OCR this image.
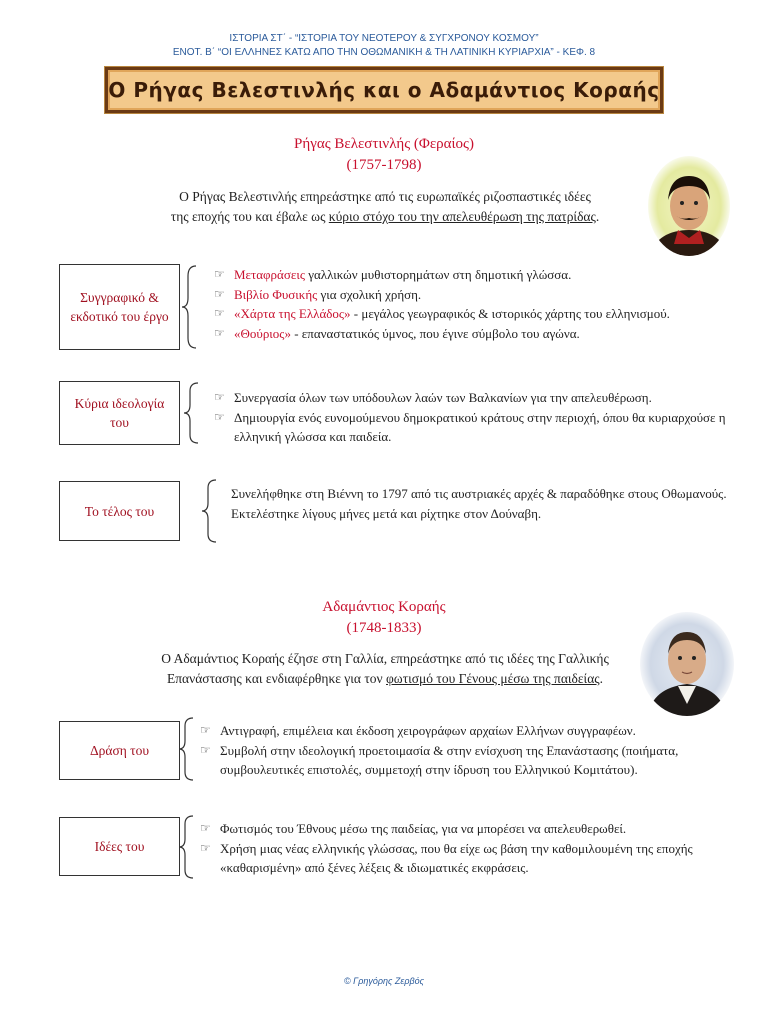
ΙΣΤΟΡΙΑ ΣΤ΄ - “ΙΣΤΟΡΙΑ ΤΟΥ ΝΕΟΤΕΡΟΥ & ΣΥΓΧΡΟΝΟΥ ΚΟΣΜΟΥ”
ΕΝΟΤ. Β΄ “ΟΙ ΕΛΛΗΝΕΣ ΚΑΤΩ ΑΠΟ ΤΗΝ ΟΘΩΜΑΝΙΚΗ & ΤΗ ΛΑΤΙΝΙΚΗ ΚΥΡΙΑΡΧΙΑ” - ΚΕΦ. 8
Ο Ρήγας Βελεστινλής και ο Αδαμάντιος Κοραής
Ρήγας Βελεστινλής (Φεραίος)
(1757-1798)
Ο Ρήγας Βελεστινλής επηρεάστηκε από τις ευρωπαϊκές ριζοσπαστικές ιδέες
της εποχής του και έβαλε ως κύριο στόχο του την απελευθέρωση της πατρίδας.
Συγγραφικό & εκδοτικό του έργο
☞ Μεταφράσεις γαλλικών μυθιστορημάτων στη δημοτική γλώσσα.
☞ Βιβλίο Φυσικής για σχολική χρήση.
☞ «Χάρτα της Ελλάδος» - μεγάλος γεωγραφικός & ιστορικός χάρτης του ελληνισμού.
☞ «Θούριος» - επαναστατικός ύμνος, που έγινε σύμβολο του αγώνα.
Κύρια ιδεολογία του
☞ Συνεργασία όλων των υπόδουλων λαών των Βαλκανίων για την απελευθέρωση.
☞ Δημιουργία ενός ευνομούμενου δημοκρατικού κράτους στην περιοχή, όπου θα κυριαρχούσε η ελληνική γλώσσα και παιδεία.
Το τέλος του
Συνελήφθηκε στη Βιέννη το 1797 από τις αυστριακές αρχές & παραδόθηκε στους Οθωμανούς.
Εκτελέστηκε λίγους μήνες μετά και ρίχτηκε στον Δούναβη.
Αδαμάντιος Κοραής
(1748-1833)
Ο Αδαμάντιος Κοραής έζησε στη Γαλλία, επηρεάστηκε από τις ιδέες της Γαλλικής
Επανάστασης και ενδιαφέρθηκε για τον φωτισμό του Γένους μέσω της παιδείας.
Δράση του
☞ Αντιγραφή, επιμέλεια και έκδοση χειρογράφων αρχαίων Ελλήνων συγγραφέων.
☞ Συμβολή στην ιδεολογική προετοιμασία & στην ενίσχυση της Επανάστασης (ποιήματα, συμβουλευτικές επιστολές, συμμετοχή στην ίδρυση του Ελληνικού Κομιτάτου).
Ιδέες του
☞ Φωτισμός του Έθνους μέσω της παιδείας, για να μπορέσει να απελευθερωθεί.
☞ Χρήση μιας νέας ελληνικής γλώσσας, που θα είχε ως βάση την καθομιλουμένη της εποχής «καθαρισμένη» από ξένες λέξεις & ιδιωματικές εκφράσεις.
© Γρηγόρης Ζερβός
